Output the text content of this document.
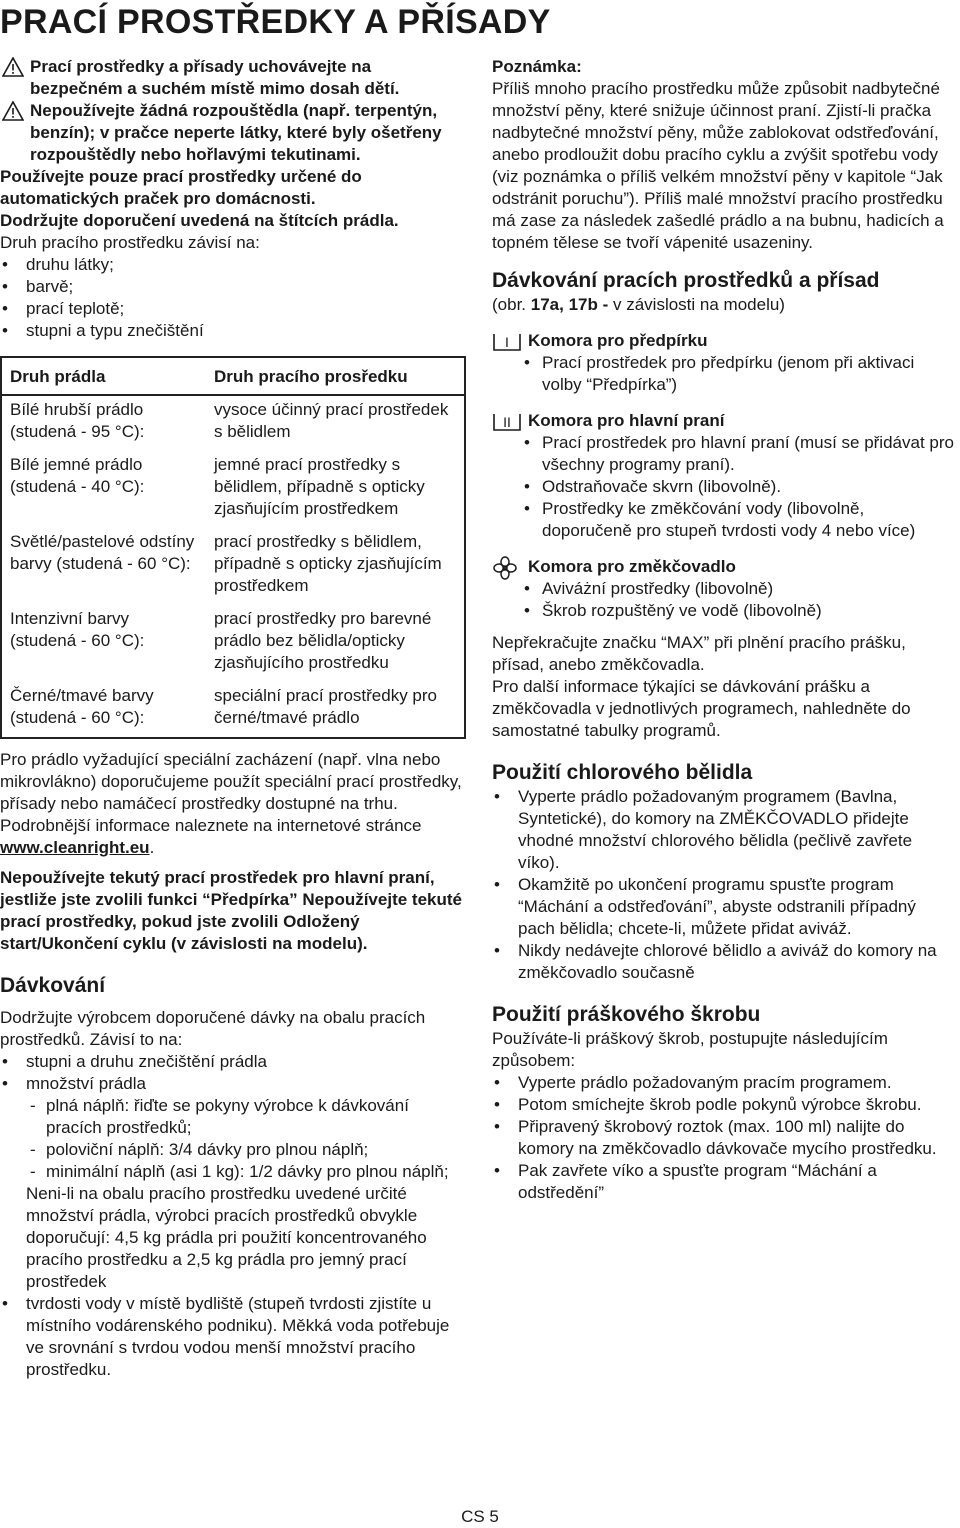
PRACÍ PROSTŘEDKY A PŘÍSADY

Prací prostředky a přísady uchovávejte na bezpečném a suchém místě mimo dosah dětí.

Nepoužívejte žádná rozpouštědla (např. terpentýn, benzín); v pračce neperte látky, které byly ošetřeny rozpouštědly nebo hořlavými tekutinami.

Používejte pouze prací prostředky určené do automatických praček pro domácnosti.

Dodržujte doporučení uvedená na štítcích prádla.

Druh pracího prostředku závisí na:

• druhu látky;
• barvě;
• prací teplotě;
• stupni a typu znečištění
Druh prádla	Druh pracího prosředku
Bílé hrubší prádlo (studená - 95 °C):	vysoce účinný prací prostředek s bělidlem
Bílé jemné prádlo (studená - 40 °C):	jemné prací prostředky s bělidlem, případně s opticky zjasňujícím prostředkem
Světlé/pastelové odstíny barvy (studená - 60 °C):	prací prostředky s bělidlem, případně s opticky zjasňujícím prostředkem
Intenzivní barvy (studená - 60 °C):	prací prostředky pro barevné prádlo bez bělidla/opticky zjasňujícího prostředku
Černé/tmavé barvy (studená - 60 °C):	speciální prací prostředky pro černé/tmavé prádlo

Pro prádlo vyžadující speciální zacházení (např. vlna nebo mikrovlákno) doporučujeme použít speciální prací prostředky, přísady nebo namáčecí prostředky dostupné na trhu.

Podrobnější informace naleznete na internetové stránce www.cleanright.eu.

Nepoužívejte tekutý prací prostředek pro hlavní praní, jestliže jste zvolili funkci “Předpírka” Nepoužívejte tekuté prací prostředky, pokud jste zvolili Odložený start/Ukončení cyklu (v závislosti na modelu).

Dávkování

Dodržujte výrobcem doporučené dávky na obalu pracích prostředků. Závisí to na:

• stupni a druhu znečištění prádla
• množství prádla
- plná náplň: řiďte se pokyny výrobce k dávkování pracích prostředků;
- poloviční náplň: 3/4 dávky pro plnou náplň;
- minimální náplň (asi 1 kg): 1/2 dávky pro plnou náplň;

Neni-li na obalu pracího prostředku uvedené určité množství prádla, výrobci pracích prostředků obvykle doporučují: 4,5 kg prádla pri použití koncentrovaného pracího prostředku a 2,5 kg prádla pro jemný prací prostředek

• tvrdosti vody v místě bydliště (stupeň tvrdosti zjistíte u místního vodárenského podniku). Měkká voda potřebuje ve srovnání s tvrdou vodou menší množství pracího prostředku.

Poznámka:

Příliš mnoho pracího prostředku může způsobit nadbytečné množství pěny, které snižuje účinnost praní. Zjistí-li pračka nadbytečné množství pěny, může zablokovat odstřeďování, anebo prodloužit dobu pracího cyklu a zvýšit spotřebu vody (viz poznámka o příliš velkém množství pěny v kapitole “Jak odstránit poruchu”). Příliš malé množství pracího prostředku má zase za následek zašedlé prádlo a na bubnu, hadicích a topném tělese se tvoří vápenité usazeniny.

Dávkování pracích prostředků a přísad

(obr. 17a, 17b - v závislosti na modelu)

I Komora pro předpírku

• Prací prostředek pro předpírku (jenom při aktivaci volby “Předpírka”)
II Komora pro hlavní praní

• Prací prostředek pro hlavní praní (musí se přidávat pro všechny programy praní).
• Odstraňovače skvrn (libovolně).
• Prostředky ke změkčování vody (libovolně, doporučeně pro stupeň tvrdosti vody 4 nebo více)

Komora pro změkčovadlo

• Aviváżní prostředky (libovolně)
• Škrob rozpuštěný ve vodě (libovolně)

Nepřekračujte značku “MAX” při plnění pracího prášku, přísad, anebo změkčovadla.

Pro další informace týkajíci se dávkování prášku a změkčovadla v jednotlivých programech, nahledněte do samostatné tabulky programů.

Použití chlorového bělidla
• Vyperte prádlo požadovaným programem (Bavlna, Syntetické), do komory na ZMĚKČOVADLO přidejte vhodné množství chlorového bělidla (pečlivě zavřete víko).
• Okamžitě po ukončení programu spusťte program “Máchání a odstřeďování”, abyste odstranili případný pach bělidla; chcete-li, můžete přidat aviváž.
• Nikdy nedávejte chlorové bělidlo a aviváž do komory na změkčovadlo současně
Použití práškového škrobu

Používáte-li práškový škrob, postupujte následujícím způsobem:

• Vyperte prádlo požadovaným pracím programem.
• Potom smíchejte škrob podle pokynů výrobce škrobu.
• Připravený škrobový roztok (max. 100 ml) nalijte do komory na změkčovadlo dávkovače mycího prostředku.
• Pak zavřete víko a spusťte program “Máchání a odstředění”
CS 5
